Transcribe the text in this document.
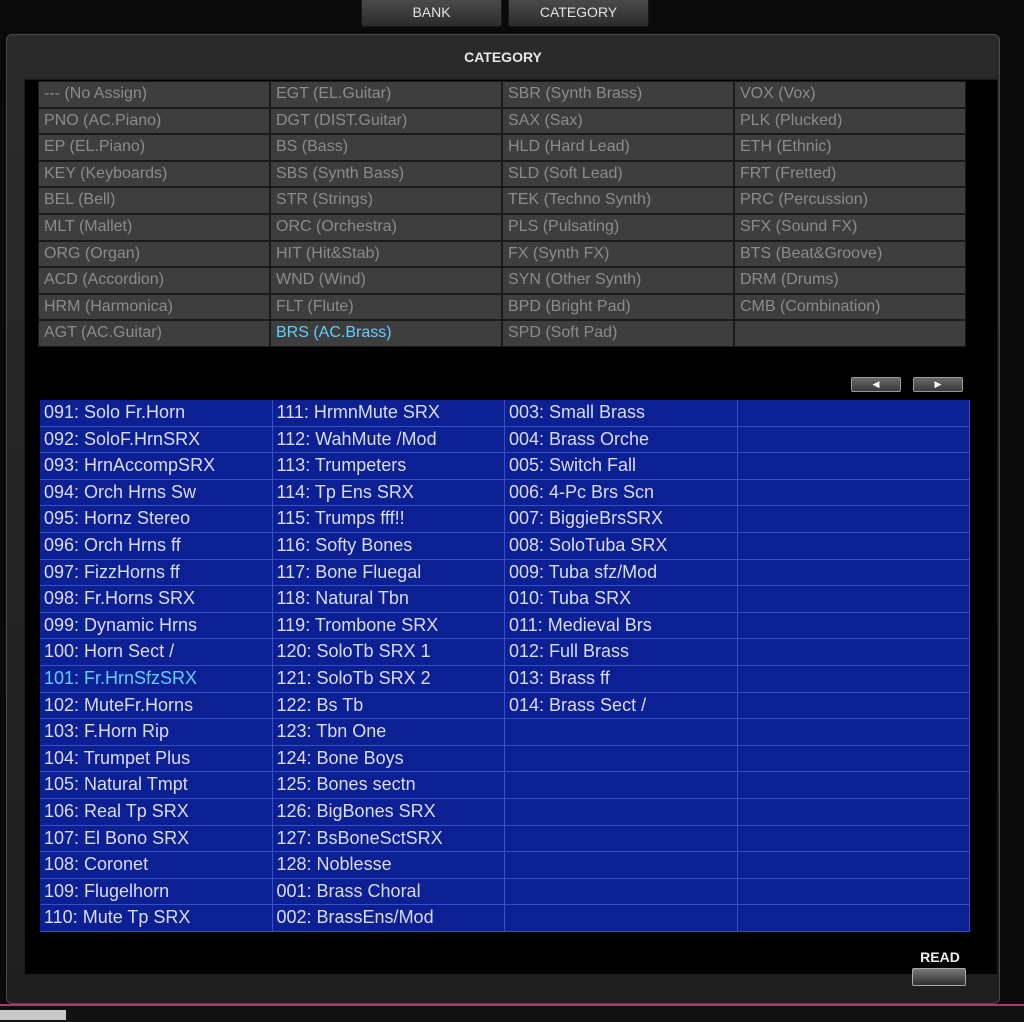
BANK	CATEGORY
CATEGORY
--- (No Assign)	EGT (EL.Guitar)	SBR (Synth Brass)	VOX (Vox)
PNO (AC.Piano)	DGT (DIST.Guitar)	SAX (Sax)	PLK (Plucked)
EP (EL.Piano)	BS (Bass)	HLD (Hard Lead)	ETH (Ethnic)
KEY (Keyboards)	SBS (Synth Bass)	SLD (Soft Lead)	FRT (Fretted)
BEL (Bell)	STR (Strings)	TEK (Techno Synth)	PRC (Percussion)
MLT (Mallet)	ORC (Orchestra)	PLS (Pulsating)	SFX (Sound FX)
ORG (Organ)	HIT (Hit&Stab)	FX (Synth FX)	BTS (Beat&Groove)
ACD (Accordion)	WND (Wind)	SYN (Other Synth)	DRM (Drums)
HRM (Harmonica)	FLT (Flute)	BPD (Bright Pad)	CMB (Combination)
AGT (AC.Guitar)	BRS (AC.Brass)	SPD (Soft Pad)
◀	▶
091: Solo Fr.Horn	111: HrmnMute SRX	003: Small Brass
092: SoloF.HrnSRX	112: WahMute /Mod	004: Brass Orche
093: HrnAccompSRX	113: Trumpeters	005: Switch Fall
094: Orch Hrns Sw	114: Tp Ens SRX	006: 4-Pc Brs Scn
095: Hornz Stereo	115: Trumps fff!!	007: BiggieBrsSRX
096: Orch Hrns ff	116: Softy Bones	008: SoloTuba SRX
097: FizzHorns ff	117: Bone Fluegal	009: Tuba sfz/Mod
098: Fr.Horns SRX	118: Natural Tbn	010: Tuba SRX
099: Dynamic Hrns	119: Trombone SRX	011: Medieval Brs
100: Horn Sect /	120: SoloTb SRX 1	012: Full Brass
101: Fr.HrnSfzSRX	121: SoloTb SRX 2	013: Brass ff
102: MuteFr.Horns	122: Bs Tb	014: Brass Sect /
103: F.Horn Rip	123: Tbn One
104: Trumpet Plus	124: Bone Boys
105: Natural Tmpt	125: Bones sectn
106: Real Tp SRX	126: BigBones SRX
107: El Bono SRX	127: BsBoneSctSRX
108: Coronet	128: Noblesse
109: Flugelhorn	001: Brass Choral
110: Mute Tp SRX	002: BrassEns/Mod
READ
